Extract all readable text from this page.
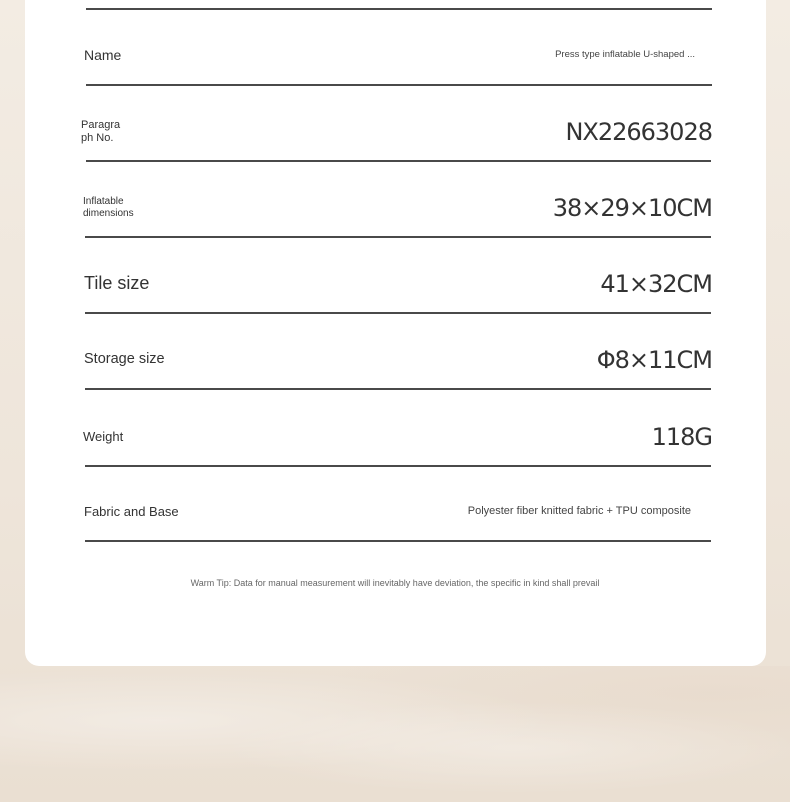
Name	Press type inflatable U-shaped ...
Paragra
ph No.	NX22663028
Inflatable
dimensions	38×29×10CM
Tile size	41×32CM
Storage size	Φ8×11CM
Weight	118G
Fabric and Base	Polyester fiber knitted fabric + TPU composite
Warm Tip: Data for manual measurement will inevitably have deviation, the specific in kind shall prevail
